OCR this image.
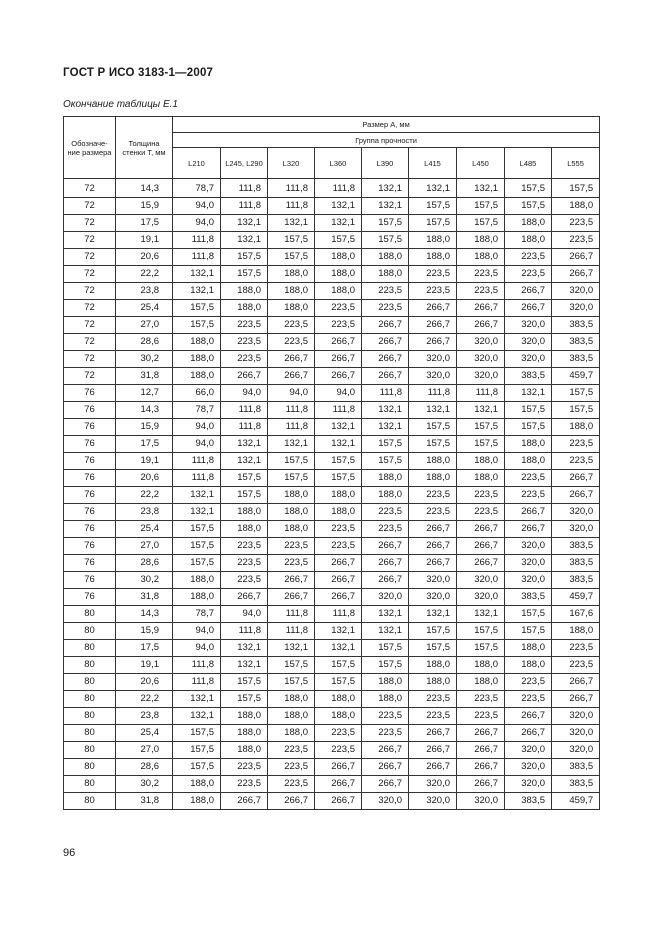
ГОСТ Р ИСО 3183-1—2007
Окончание таблицы Е.1
Обозначе-ние размера	Толщина стенки T, мм	Размер A, мм								
		Группа прочности								
		L210	L245, L290	L320	L360	L390	L415	L450	L485	L555
72	14,3	78,7	111,8	111,8	111,8	132,1	132,1	132,1	157,5	157,5
72	15,9	94,0	111,8	111,8	132,1	132,1	157,5	157,5	157,5	188,0
72	17,5	94,0	132,1	132,1	132,1	157,5	157,5	157,5	188,0	223,5
72	19,1	111,8	132,1	157,5	157,5	157,5	188,0	188,0	188,0	223,5
72	20,6	111,8	157,5	157,5	188,0	188,0	188,0	188,0	223,5	266,7
72	22,2	132,1	157,5	188,0	188,0	188,0	223,5	223,5	223,5	266,7
72	23,8	132,1	188,0	188,0	188,0	223,5	223,5	223,5	266,7	320,0
72	25,4	157,5	188,0	188,0	223,5	223,5	266,7	266,7	266,7	320,0
72	27,0	157,5	223,5	223,5	223,5	266,7	266,7	266,7	320,0	383,5
72	28,6	188,0	223,5	223,5	266,7	266,7	266,7	320,0	320,0	383,5
72	30,2	188,0	223,5	266,7	266,7	266,7	320,0	320,0	320,0	383,5
72	31,8	188,0	266,7	266,7	266,7	266,7	320,0	320,0	383,5	459,7
76	12,7	66,0	94,0	94,0	94,0	111,8	111,8	111,8	132,1	157,5
76	14,3	78,7	111,8	111,8	111,8	132,1	132,1	132,1	157,5	157,5
76	15,9	94,0	111,8	111,8	132,1	132,1	157,5	157,5	157,5	188,0
76	17,5	94,0	132,1	132,1	132,1	157,5	157,5	157,5	188,0	223,5
76	19,1	111,8	132,1	157,5	157,5	157,5	188,0	188,0	188,0	223,5
76	20,6	111,8	157,5	157,5	157,5	188,0	188,0	188,0	223,5	266,7
76	22,2	132,1	157,5	188,0	188,0	188,0	223,5	223,5	223,5	266,7
76	23,8	132,1	188,0	188,0	188,0	223,5	223,5	223,5	266,7	320,0
76	25,4	157,5	188,0	188,0	223,5	223,5	266,7	266,7	266,7	320,0
76	27,0	157,5	223,5	223,5	223,5	266,7	266,7	266,7	320,0	383,5
76	28,6	157,5	223,5	223,5	266,7	266,7	266,7	266,7	320,0	383,5
76	30,2	188,0	223,5	266,7	266,7	266,7	320,0	320,0	320,0	383,5
76	31,8	188,0	266,7	266,7	266,7	320,0	320,0	320,0	383,5	459,7
80	14,3	78,7	94,0	111,8	111,8	132,1	132,1	132,1	157,5	167,6
80	15,9	94,0	111,8	111,8	132,1	132,1	157,5	157,5	157,5	188,0
80	17,5	94,0	132,1	132,1	132,1	157,5	157,5	157,5	188,0	223,5
80	19,1	111,8	132,1	157,5	157,5	157,5	188,0	188,0	188,0	223,5
80	20,6	111,8	157,5	157,5	157,5	188,0	188,0	188,0	223,5	266,7
80	22,2	132,1	157,5	188,0	188,0	188,0	223,5	223,5	223,5	266,7
80	23,8	132,1	188,0	188,0	188,0	223,5	223,5	223,5	266,7	320,0
80	25,4	157,5	188,0	188,0	223,5	223,5	266,7	266,7	266,7	320,0
80	27,0	157,5	188,0	223,5	223,5	266,7	266,7	266,7	320,0	320,0
80	28,6	157,5	223,5	223,5	266,7	266,7	266,7	266,7	320,0	383,5
80	30,2	188,0	223,5	223,5	266,7	266,7	320,0	266,7	320,0	383,5
80	31,8	188,0	266,7	266,7	266,7	320,0	320,0	320,0	383,5	459,7
96
